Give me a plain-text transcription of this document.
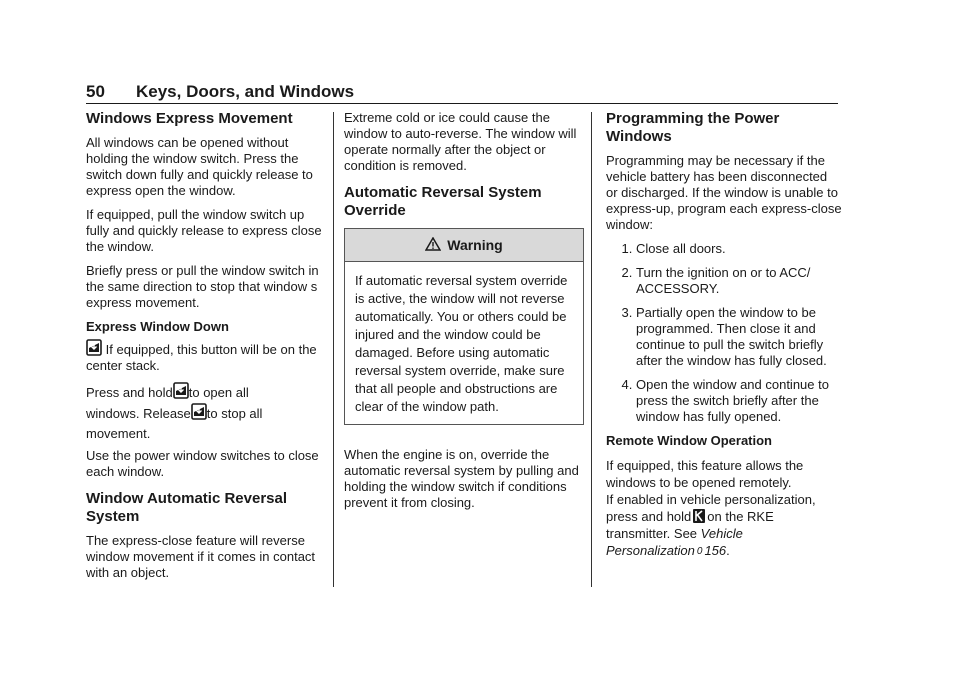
50 Keys, Doors, and Windows
Windows Express Movement

All windows can be opened without holding the window switch. Press the switch down fully and quickly release to express open the window.

If equipped, pull the window switch up fully and quickly release to express close the window.

Briefly press or pull the window switch in the same direction to stop that window s express movement.

Express Window Down

If equipped, this button will be on the center stack.

Press and hold to open all
windows. Release to stop all
movement.

Use the power window switches to close each window.

Window Automatic Reversal System

The express-close feature will reverse window movement if it comes in contact with an object.

Extreme cold or ice could cause the window to auto-reverse. The window will operate normally after the object or condition is removed.

Automatic Reversal System Override
Warning
If automatic reversal system override is active, the window will not reverse automatically. You or others could be injured and the window could be damaged. Before using automatic reversal system override, make sure that all people and obstructions are clear of the window path.

When the engine is on, override the automatic reversal system by pulling and holding the window switch if conditions prevent it from closing.

Programming the Power Windows

Programming may be necessary if the vehicle battery has been disconnected or discharged. If the window is unable to express-up, program each express-close window:

1. Close all doors.
2. Turn the ignition on or to ACC/ ACCESSORY.
3. Partially open the window to be programmed. Then close it and continue to pull the switch briefly after the window has fully closed.
4. Open the window and continue to press the switch briefly after the window has fully opened.

Remote Window Operation

If equipped, this feature allows the windows to be opened remotely.
If enabled in vehicle personalization,
press and hold on the RKE
transmitter. See Vehicle Personalization 0 156.
